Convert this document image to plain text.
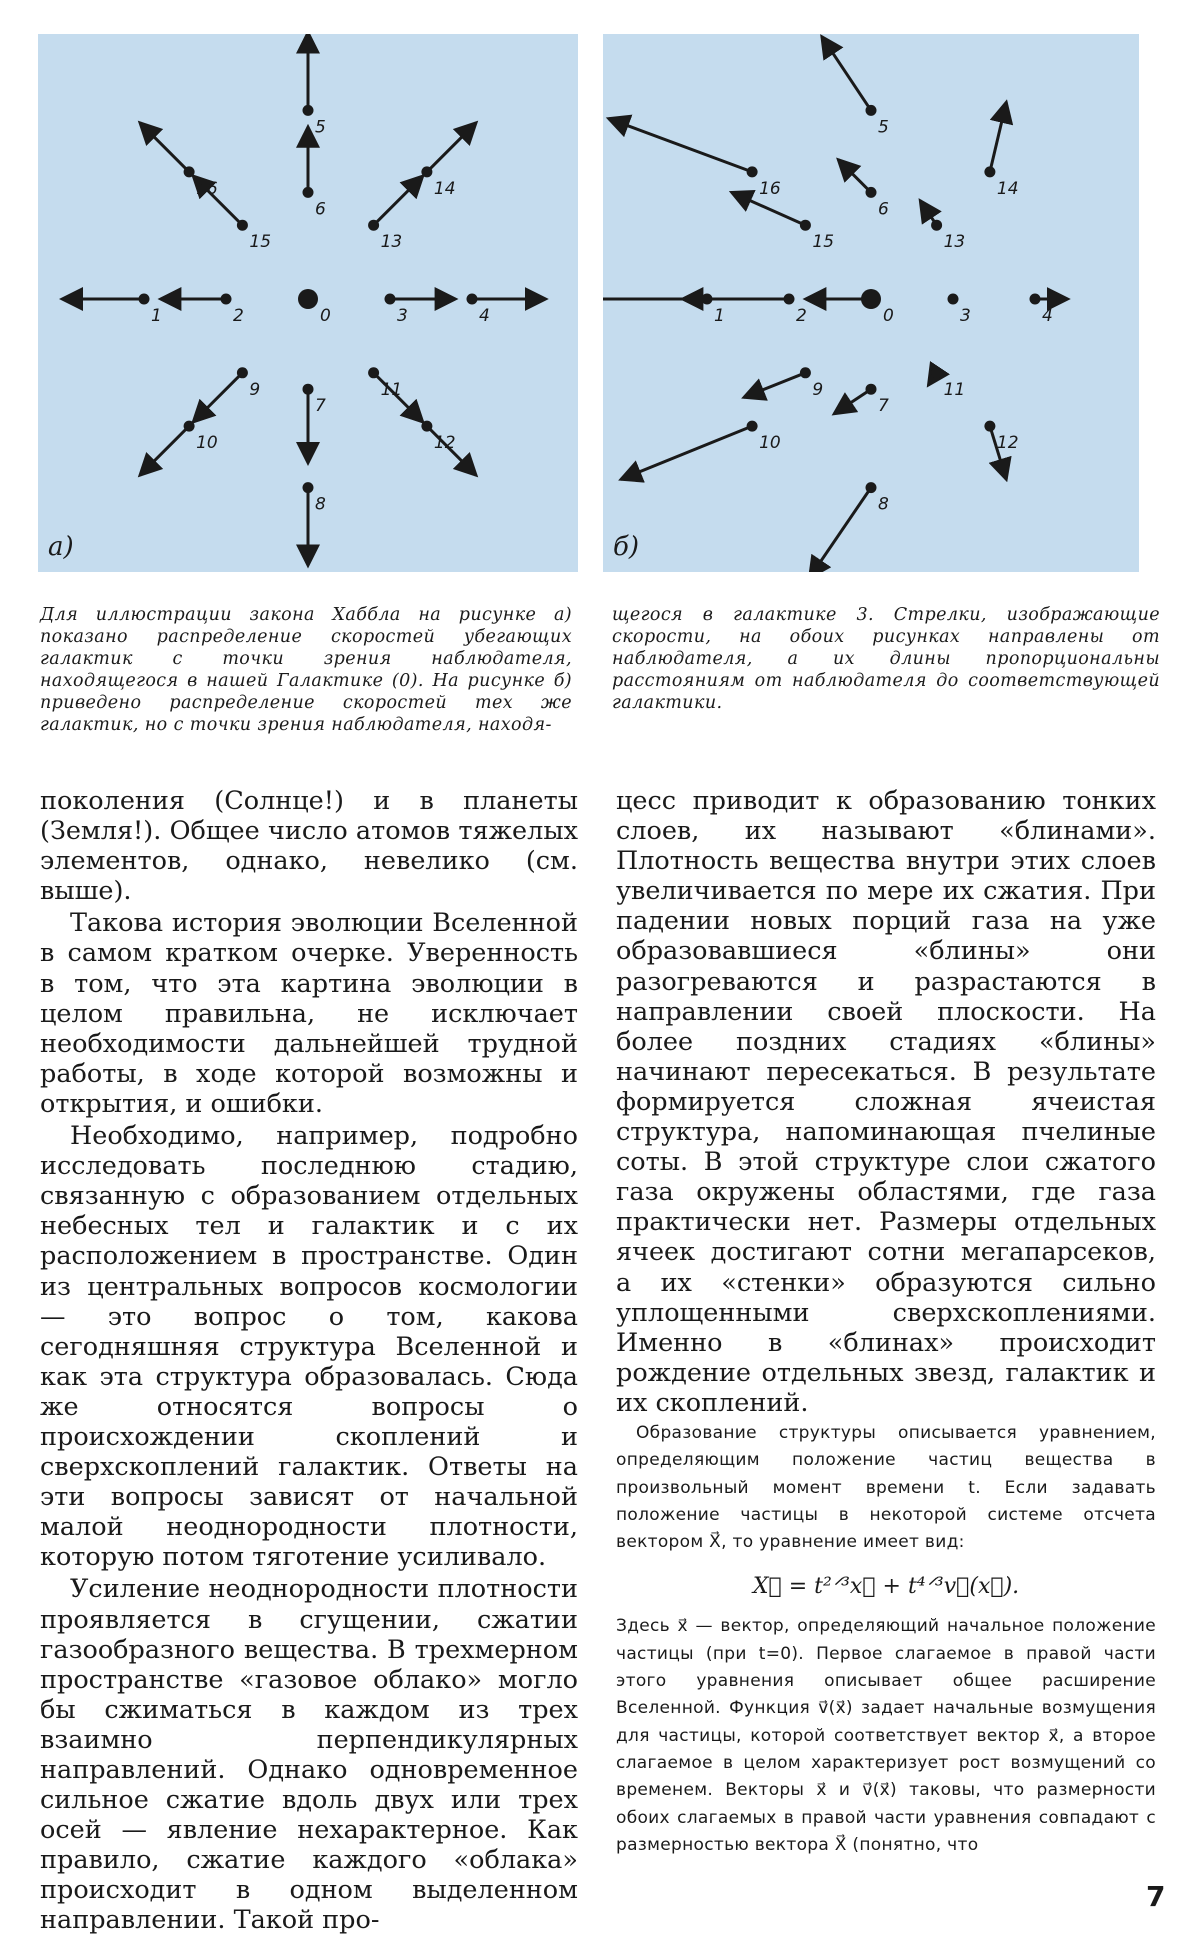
0
1	2	3	4
5
6
7
8
9
10
11
12
13
14
15
16
а)
0
1	2	3	4
5
6
7
8
9
10
11
12
13
14
15
16
б)
Для иллюстрации закона Хаббла на рисунке а) показано распределение скоростей убегающих галактик с точки зрения наблюдателя, находящегося в нашей Галактике (0). На рисунке б) приведено распределение скоростей тех же галактик, но с точки зрения наблюдателя, находя-
щегося в галактике 3. Стрелки, изображающие скорости, на обоих рисунках направлены от наблюдателя, а их длины пропорциональны расстояниям от наблюдателя до соответствующей галактики.

поколения (Солнце!) и в планеты (Земля!). Общее число атомов тяжелых элементов, однако, невелико (см. выше).

Такова история эволюции Вселенной в самом кратком очерке. Уверенность в том, что эта картина эволюции в целом правильна, не исключает необходимости дальнейшей трудной работы, в ходе которой возможны и открытия, и ошибки.

Необходимо, например, подробно исследовать последнюю стадию, связанную с образованием отдельных небесных тел и галактик и с их расположением в пространстве. Один из центральных вопросов космологии — это вопрос о том, какова сегодняшняя структура Вселенной и как эта структура образовалась. Сюда же относятся вопросы о происхождении скоплений и сверхскоплений галактик. Ответы на эти вопросы зависят от начальной малой неоднородности плотности, которую потом тяготение усиливало.

Усиление неоднородности плотности проявляется в сгущении, сжатии газообразного вещества. В трехмерном пространстве «газовое облако» могло бы сжиматься в каждом из трех взаимно перпендикулярных направлений. Однако одновременное сильное сжатие вдоль двух или трех осей — явление нехарактерное. Как правило, сжатие каждого «облака» происходит в одном выделенном направлении. Такой про-

цесс приводит к образованию тонких слоев, их называют «блинами». Плотность вещества внутри этих слоев увеличивается по мере их сжатия. При падении новых порций газа на уже образовавшиеся «блины» они разогреваются и разрастаются в направлении своей плоскости. На более поздних стадиях «блины» начинают пересекаться. В результате формируется сложная ячеистая структура, напоминающая пчелиные соты. В этой структуре слои сжатого газа окружены областями, где газа практически нет. Размеры отдельных ячеек достигают сотни мегапарсеков, а их «стенки» образуются сильно уплощенными сверхскоплениями. Именно в «блинах» происходит рождение отдельных звезд, галактик и их скоплений.

Образование структуры описывается уравнением, определяющим положение частиц вещества в произвольный момент времени t. Если задавать положение частицы в некоторой системе отсчета вектором X⃗, то уравнение имеет вид:

X⃗ = t²ᐟ³x⃗ + t⁴ᐟ³v⃗(x⃗).

Здесь x⃗ — вектор, определяющий начальное положение частицы (при t=0). Первое слагаемое в правой части этого уравнения описывает общее расширение Вселенной. Функция v⃗(x⃗) задает начальные возмущения для частицы, которой соответствует вектор x⃗, а второе слагаемое в целом характеризует рост возмущений со временем. Векторы x⃗ и v⃗(x⃗) таковы, что размерности обоих слагаемых в правой части уравнения совпадают с размерностью вектора X⃗ (понятно, что

7
